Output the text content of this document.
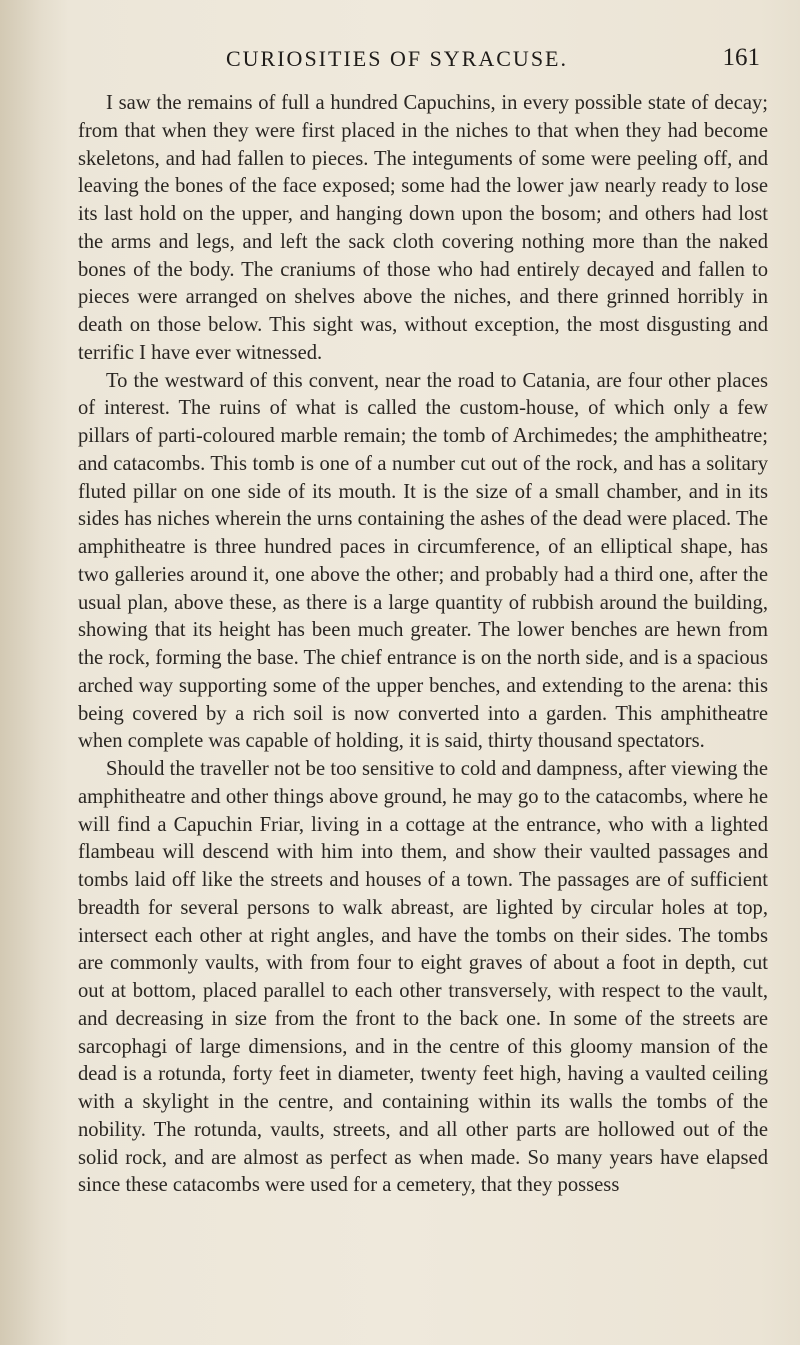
CURIOSITIES OF SYRACUSE.	161

I saw the remains of full a hundred Capuchins, in every possible state of decay; from that when they were first placed in the niches to that when they had become skeletons, and had fallen to pieces. The integuments of some were peeling off, and leaving the bones of the face exposed; some had the lower jaw nearly ready to lose its last hold on the upper, and hanging down upon the bosom; and others had lost the arms and legs, and left the sack cloth covering nothing more than the naked bones of the body. The craniums of those who had entirely decayed and fallen to pieces were arranged on shelves above the niches, and there grinned horribly in death on those below. This sight was, without exception, the most disgusting and terrific I have ever witnessed.

To the westward of this convent, near the road to Catania, are four other places of interest. The ruins of what is called the custom-house, of which only a few pillars of parti-coloured marble remain; the tomb of Archimedes; the amphitheatre; and catacombs. This tomb is one of a number cut out of the rock, and has a solitary fluted pillar on one side of its mouth. It is the size of a small chamber, and in its sides has niches wherein the urns containing the ashes of the dead were placed. The amphitheatre is three hundred paces in circumference, of an elliptical shape, has two galleries around it, one above the other; and probably had a third one, after the usual plan, above these, as there is a large quantity of rubbish around the building, showing that its height has been much greater. The lower benches are hewn from the rock, forming the base. The chief entrance is on the north side, and is a spacious arched way supporting some of the upper benches, and extending to the arena: this being covered by a rich soil is now converted into a garden. This amphitheatre when complete was capable of holding, it is said, thirty thousand spectators.

Should the traveller not be too sensitive to cold and dampness, after viewing the amphitheatre and other things above ground, he may go to the catacombs, where he will find a Capuchin Friar, living in a cottage at the entrance, who with a lighted flambeau will descend with him into them, and show their vaulted passages and tombs laid off like the streets and houses of a town. The passages are of sufficient breadth for several persons to walk abreast, are lighted by circular holes at top, intersect each other at right angles, and have the tombs on their sides. The tombs are commonly vaults, with from four to eight graves of about a foot in depth, cut out at bottom, placed parallel to each other transversely, with respect to the vault, and decreasing in size from the front to the back one. In some of the streets are sarcophagi of large dimensions, and in the centre of this gloomy mansion of the dead is a rotunda, forty feet in diameter, twenty feet high, having a vaulted ceiling with a skylight in the centre, and containing within its walls the tombs of the nobility. The rotunda, vaults, streets, and all other parts are hollowed out of the solid rock, and are almost as perfect as when made. So many years have elapsed since these catacombs were used for a cemetery, that they possess
